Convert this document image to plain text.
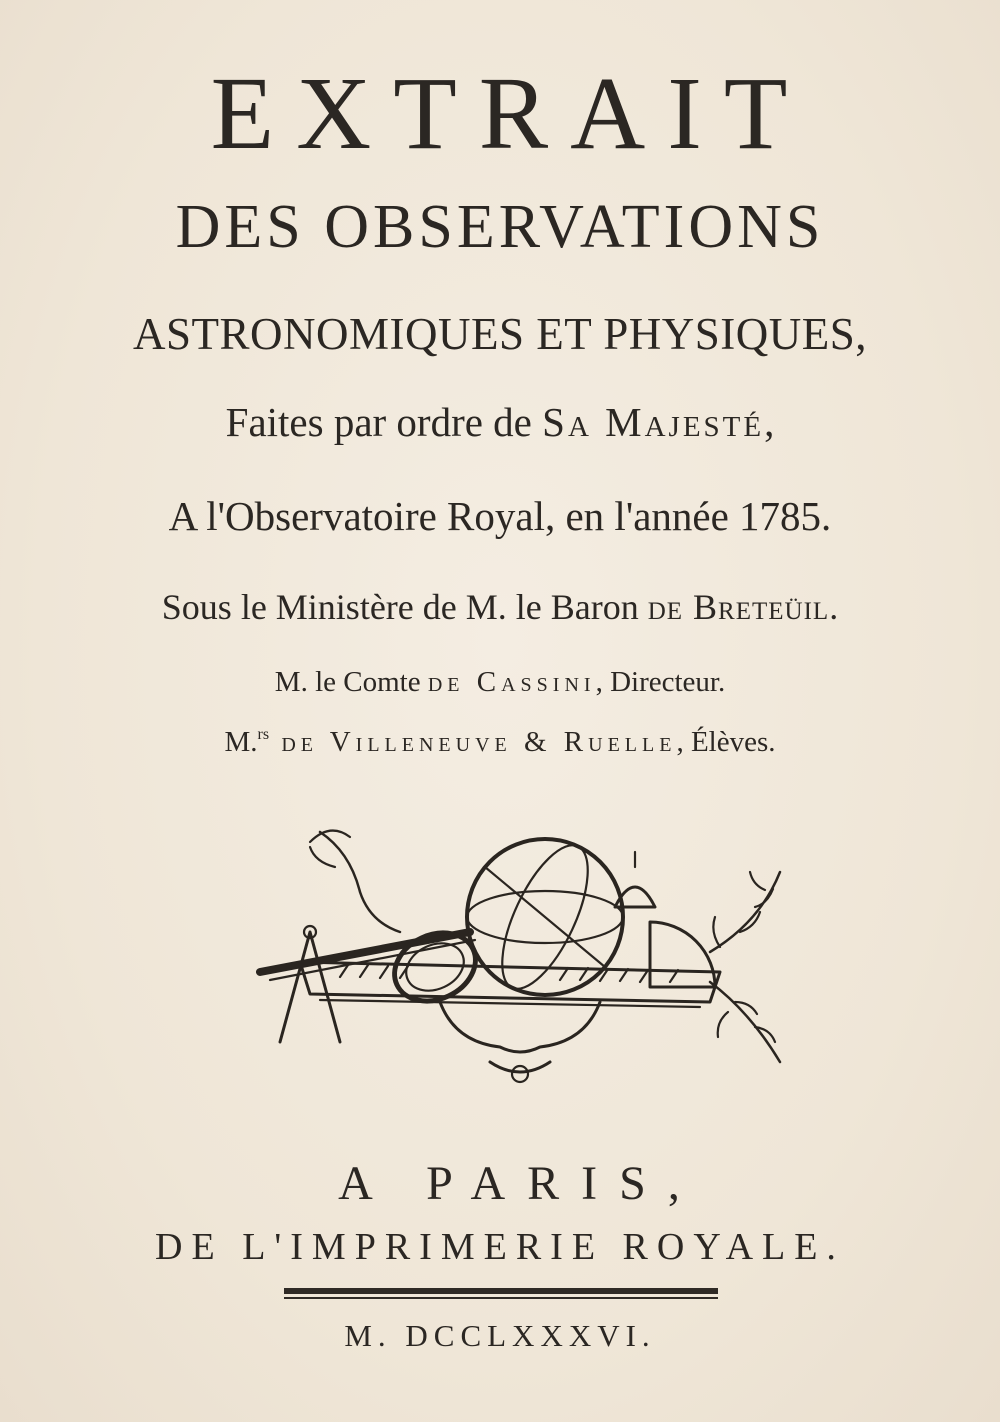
EXTRAIT
DES OBSERVATIONS
ASTRONOMIQUES ET PHYSIQUES,
Faites par ordre de Sa Majesté,
A l'Observatoire Royal, en l'année 1785.
Sous le Ministère de M. le Baron de Breteüil.
M. le Comte de Cassini, Directeur.
M.$^{rs}$ de Villeneuve & Ruelle, Élèves.
A PARIS,
DE L'IMPRIMERIE ROYALE.
M. DCCLXXXVI.
